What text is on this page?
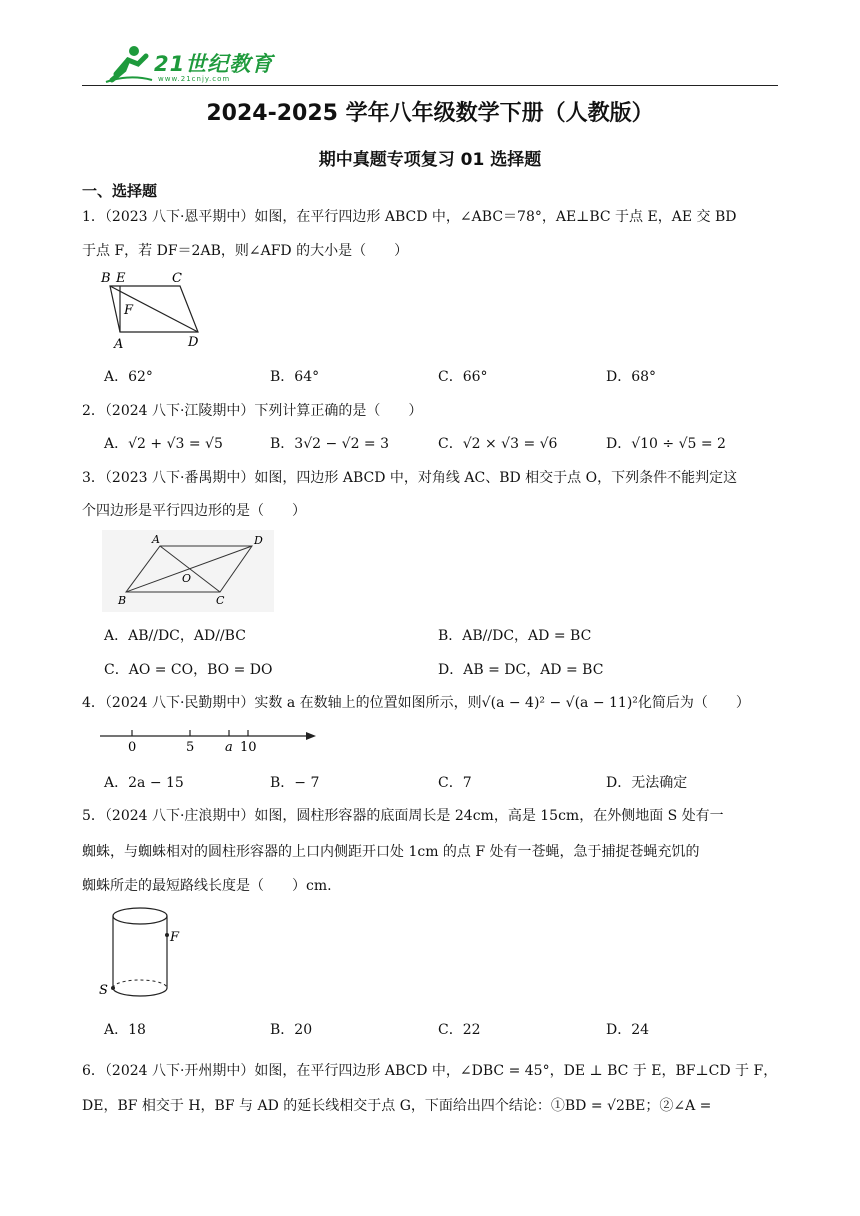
21世纪教育
www.21cnjy.com
2024-2025 学年八年级数学下册（人教版）
期中真题专项复习 01 选择题
一、选择题
1．（2023 八下·恩平期中）如图，在平行四边形 ABCD 中，∠ABC＝78°，AE⊥BC 于点 E，AE 交 BD
于点 F，若 DF＝2AB，则∠AFD 的大小是（　　）
B E	C
F
A	D
A．62°	B．64°	C．66°	D．68°
2．（2024 八下·江陵期中）下列计算正确的是（　　）
A．√2 + √3 = √5	B．3√2 − √2 = 3	C．√2 × √3 = √6	D．√10 ÷ √5 = 2
3．（2023 八下·番禺期中）如图，四边形 ABCD 中，对角线 AC、BD 相交于点 O，下列条件不能判定这
个四边形是平行四边形的是（　　）
A	D
O
B	C
A．AB//DC，AD//BC	B．AB//DC，AD = BC
C．AO = CO，BO = DO	D．AB = DC，AD = BC
4．（2024 八下·民勤期中）实数 a 在数轴上的位置如图所示，则√(a − 4)² − √(a − 11)²化简后为（　　）
0	5 a 10
A．2a − 15	B．− 7	C．7	D．无法确定
5．（2024 八下·庄浪期中）如图，圆柱形容器的底面周长是 24cm，高是 15cm，在外侧地面 S 处有一
蜘蛛，与蜘蛛相对的圆柱形容器的上口内侧距开口处 1cm 的点 F 处有一苍蝇，急于捕捉苍蝇充饥的
蜘蛛所走的最短路线长度是（　　）cm.
F
S
A．18	B．20	C．22	D．24
6．（2024 八下·开州期中）如图，在平行四边形 ABCD 中，∠DBC = 45°，DE ⊥ BC 于 E，BF⊥CD 于 F，
DE，BF 相交于 H，BF 与 AD 的延长线相交于点 G，下面给出四个结论：①BD = √2BE；②∠A =
